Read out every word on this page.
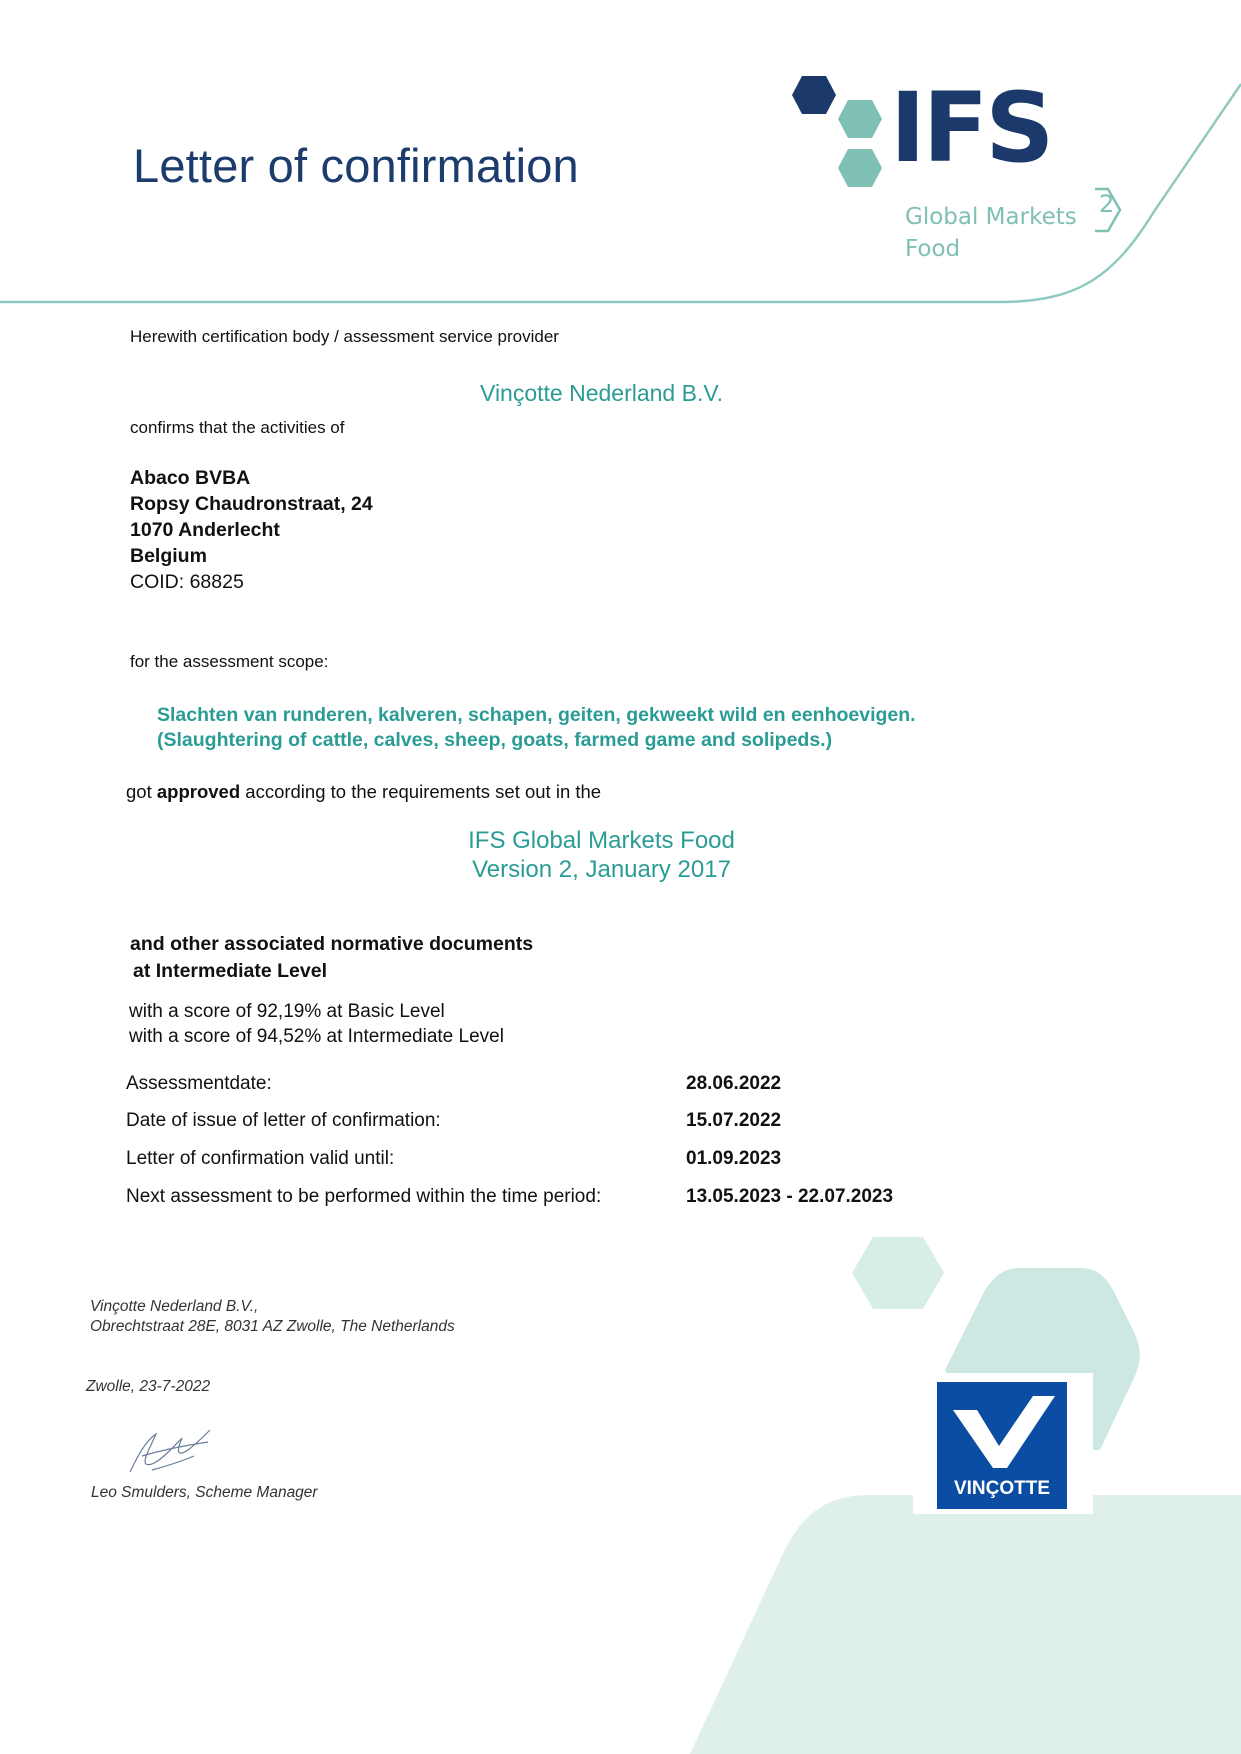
Letter of confirmation	IFS
Global Markets
Food
2
Herewith certification body / assessment service provider
Vinçotte Nederland B.V.
confirms that the activities of
Abaco BVBA
Ropsy Chaudronstraat, 24
1070 Anderlecht
Belgium
COID: 68825
for the assessment scope:
Slachten van runderen, kalveren, schapen, geiten, gekweekt wild en eenhoevigen.
(Slaughtering of cattle, calves, sheep, goats, farmed game and solipeds.)
got approved according to the requirements set out in the
IFS Global Markets Food
Version 2, January 2017
and other associated normative documents
at Intermediate Level
with a score of 92,19% at Basic Level
with a score of 94,52% at Intermediate Level
Assessmentdate:	28.06.2022
Date of issue of letter of confirmation:	15.07.2022
Letter of confirmation valid until:	01.09.2023
Next assessment to be performed within the time period:	13.05.2023 - 22.07.2023
Vinçotte Nederland B.V.,
Obrechtstraat 28E, 8031 AZ Zwolle, The Netherlands
Zwolle, 23-7-2022
Leo Smulders, Scheme Manager	VINÇOTTE
